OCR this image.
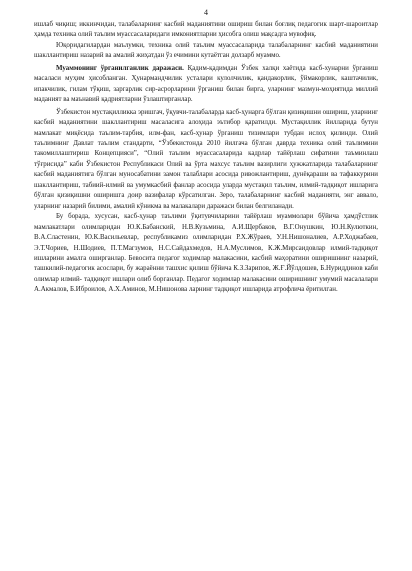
4

ишлаб чиқиш; иккинчидан, талабаларнинг касбий маданиятини ошириш билан боғлиқ педагогик шарт-шароитлар ҳамда техника олий таълим муассасаларидаги имкониятларни ҳисобга олиш мақсадга мувофиқ.

Юқоридагилардан маълумки, техника олий таълим муассасаларида талабаларнинг касбий маданиятини шакллантириш назарий ва амалий жиҳатдан ўз ечимини кутаётган долзарб муаммо.

Муаммонинг ўрганилганлик даражаси. Қадим-қадимдан Ўзбек халқи хаётида касб-хунарни ўрганиш масаласи муҳим ҳисобланган. Ҳунармандчилик усталари кулолчилик, қандакорлик, ўймакорлик, каштачилик, ипакчилик, гилам тўқиш, заргарлик сир-асрорларини ўрганиш билан бирга, уларнинг мазмун-моҳиятида миллий маданият ва маънавий қадриятларни ўзлаштирганлар.

Ўзбекистон мустақилликка эришгач, ўқувчи-талабаларда касб-ҳунарга бўлган қизиқишни ошириш, уларнинг касбий маданиятини шакллантириш масаласига алоҳида эътибор қаратилди. Мустақиллик йилларида бутун мамлакат миқёсида таълим-тарбия, илм-фан, касб-ҳунар ўрганиш тизимлари тубдан ислоҳ қилинди. Олий таълимнинг Давлат таълим стандарти, “Ўзбекистонда 2010 йилгача бўлган даврда техника олий таълимини такомиллаштириш Концепцияси”, “Олий таълим муассасаларида кадрлар тайёрлаш сифатини таъминлаш тўғрисида” каби Ўзбекистон Республикаси Олий ва ўрта махсус таълим вазирлиги ҳужжатларида талабаларнинг касбий маданиятига бўлган муносабатини замон талаблари асосида ривожлантириш, дунёқараши ва тафаккурини шакллантириш, табиий-илмий ва умумкасбий фанлар асосида уларда мустақил таълим, илмий-тадқиқот ишларига бўлган қизиқишни оширишга доир вазифалар кўрсатилган. Зеро, талабаларнинг касбий маданияти, энг аввало, уларнинг назарий билими, амалий кўникма ва малакалари даражаси билан белгиланади.

Бу борада, хусусан, касб-ҳунар таълими ўқитувчиларини тайёрлаш муаммолари бўйича ҳамдўстлик мамлакатлари олимларидан Ю.К.Бабанский, Н.В.Кузьмина, А.И.Щербаков, В.Г.Онушкин, Ю.Н.Кулюткин, В.А.Сластенин, Ю.К.Васильевлар, республикамиз олимларидан Р.Х.Жўраев, У.Н.Нишоналиев, А.Р.Ходжабаев, Э.Т.Чориев, Н.Шодиев, П.Т.Магзумов, Н.С.Сайдахмедов, Н.А.Муслимов, К.Ж.Мирсаидовлар илмий-тадқиқот ишларини амалга оширганлар. Бевосита педагог ходимлар малакасини, касбий маҳоратини оширишнинг назарий, ташкилий-педагогик асослари, бу жараённи ташхис қилиш бўйича К.З.Зарипов, Ж.Ғ.Йўлдошев, Б.Нуриддинов каби олимлар илмий- тадқиқот ишлари олиб борганлар. Педагог ходимлар малакасини оширишнинг умумий масалалари А.Акмалов, Б.Иброилов, А.Х.Аминов, М.Нишонова ларнинг тадқиқот ишларида атрофлича ёритилган.
